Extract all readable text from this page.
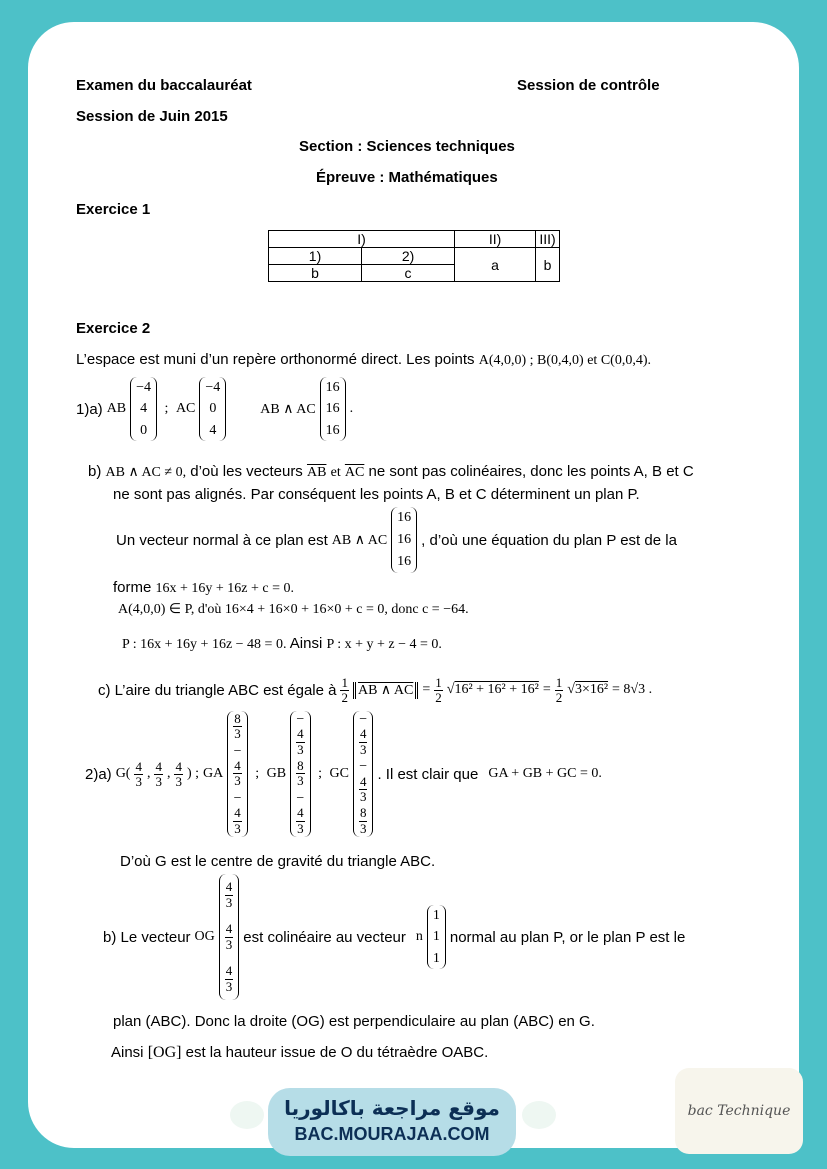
Examen du baccalauréat	Session de contrôle
Session de Juin 2015
Section : Sciences techniques
Épreuve : Mathématiques
Exercice 1
I)		II)	III)
1)	2)	a	b
b	c		
Exercice 2
L’espace est muni d’un repère orthonormé direct. Les points A(4,0,0) ; B(0,4,0) et C(0,0,4).
1)a) AB
−4
4
0
; AC
−4
0
4
AB ∧ AC
16
16
16
.
b) AB ∧ AC ≠ 0, d’où les vecteurs $\overline{AB}$ et $\overline{AC}$ ne sont pas colinéaires, donc les points A, B et C
ne sont pas alignés. Par conséquent les points A, B et C déterminent un plan P.
Un vecteur normal à ce plan est AB ∧ AC
16
16
16
, d’où une équation du plan P est de la
forme 16x + 16y + 16z + c = 0.
A(4,0,0) ∈ P, d'où 16×4 + 16×0 + 16×0 + c = 0, donc c = −64.
P : 16x + 16y + 16z − 48 = 0. Ainsi P : x + y + z − 4 = 0.
c) L’aire du triangle ABC est égale à $\frac{1}{2}$ AB ∧ AC = $\frac{1}{2} √16^2 + 16^2 + 16^2 = \frac{1}{2} √3\times 16^2 = 8√3$ .
2)a) $G( \frac{4}{3}$ , $\frac{4}{3}$ , $\frac{4}{3}$ ) ; GA
8
3
−
4
3
−
4
3
; GB
−
4
3
8
3
−
4
3
; GC
−
4
3
−
4
3
8
3
. Il est clair que GA + GB + GC = 0.
D’où G est le centre de gravité du triangle ABC.
b) Le vecteur OG
$\frac{4}{3}$
$\frac{4}{3}$
$\frac{4}{3}$
est colinéaire au vecteur n
1
1
1
normal au plan P, or le plan P est le
plan (ABC). Donc la droite (OG) est perpendiculaire au plan (ABC) en G.
Ainsi [OG] est la hauteur issue de O du tétraèdre OABC.
موقع مراجعة باكالوريا
BAC.MOURAJAA.COM
bac Technique
